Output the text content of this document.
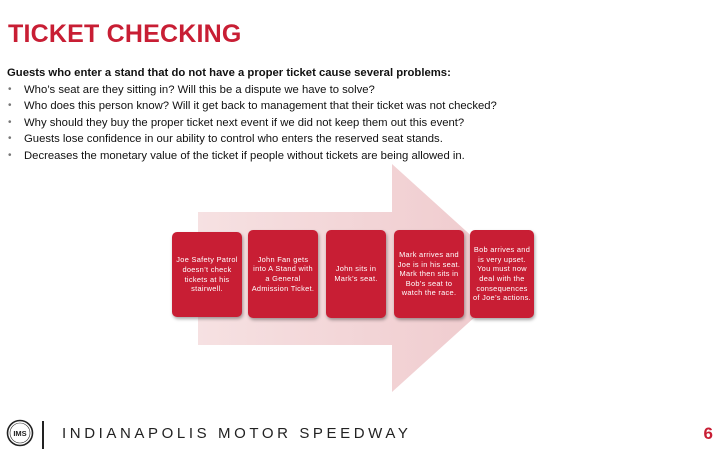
TICKET CHECKING
Guests who enter a stand that do not have a proper ticket cause several problems:
• Who’s seat are they sitting in? Will this be a dispute we have to solve?
• Who does this person know? Will it get back to management that their ticket was not checked?
• Why should they buy the proper ticket next event if we did not keep them out this event?
• Guests lose confidence in our ability to control who enters the reserved seat stands.
• Decreases the monetary value of the ticket if people without tickets are being allowed in.
Joe Safety Patrol doesn’t check tickets at his stairwell.
John Fan gets into A Stand with a General Admission Ticket.
John sits in Mark’s seat.
Mark arrives and Joe is in his seat. Mark then sits in Bob’s seat to watch the race.
Bob arrives and is very upset. You must now deal with the consequences of Joe’s actions.
IMS INDIANAPOLIS MOTOR SPEEDWAY	6
